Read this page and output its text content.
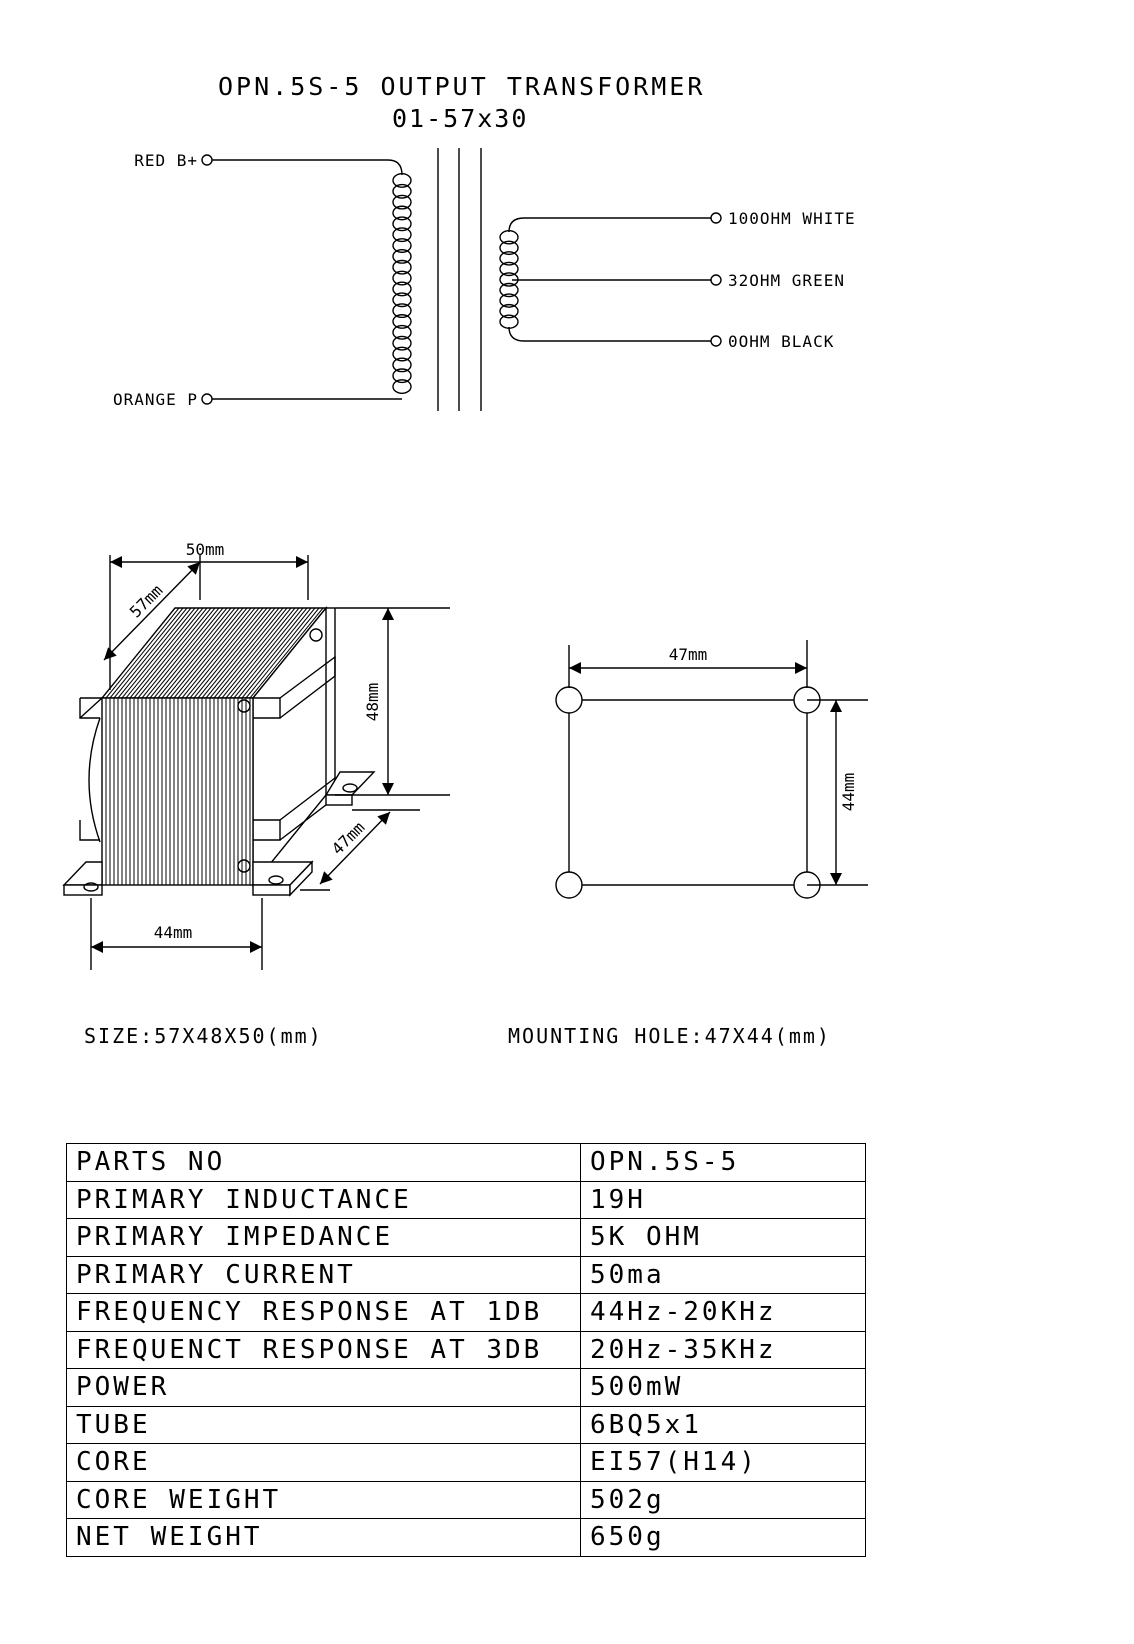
OPN.5S-5 OUTPUT TRANSFORMER
01-57x30
RED B+
ORANGE P
100OHM WHITE
32OHM GREEN
0OHM BLACK
50mm
57mm
48mm
47mm
44mm
47mm
44mm
SIZE:57X48X50(mm)	MOUNTING HOLE:47X44(mm)
PARTS NO	OPN.5S-5
PRIMARY INDUCTANCE	19H
PRIMARY IMPEDANCE	5K OHM
PRIMARY CURRENT	50ma
FREQUENCY RESPONSE AT 1DB	44Hz-20KHz
FREQUENCT RESPONSE AT 3DB	20Hz-35KHz
POWER	500mW
TUBE	6BQ5x1
CORE	EI57(H14)
CORE WEIGHT	502g
NET WEIGHT	650g
